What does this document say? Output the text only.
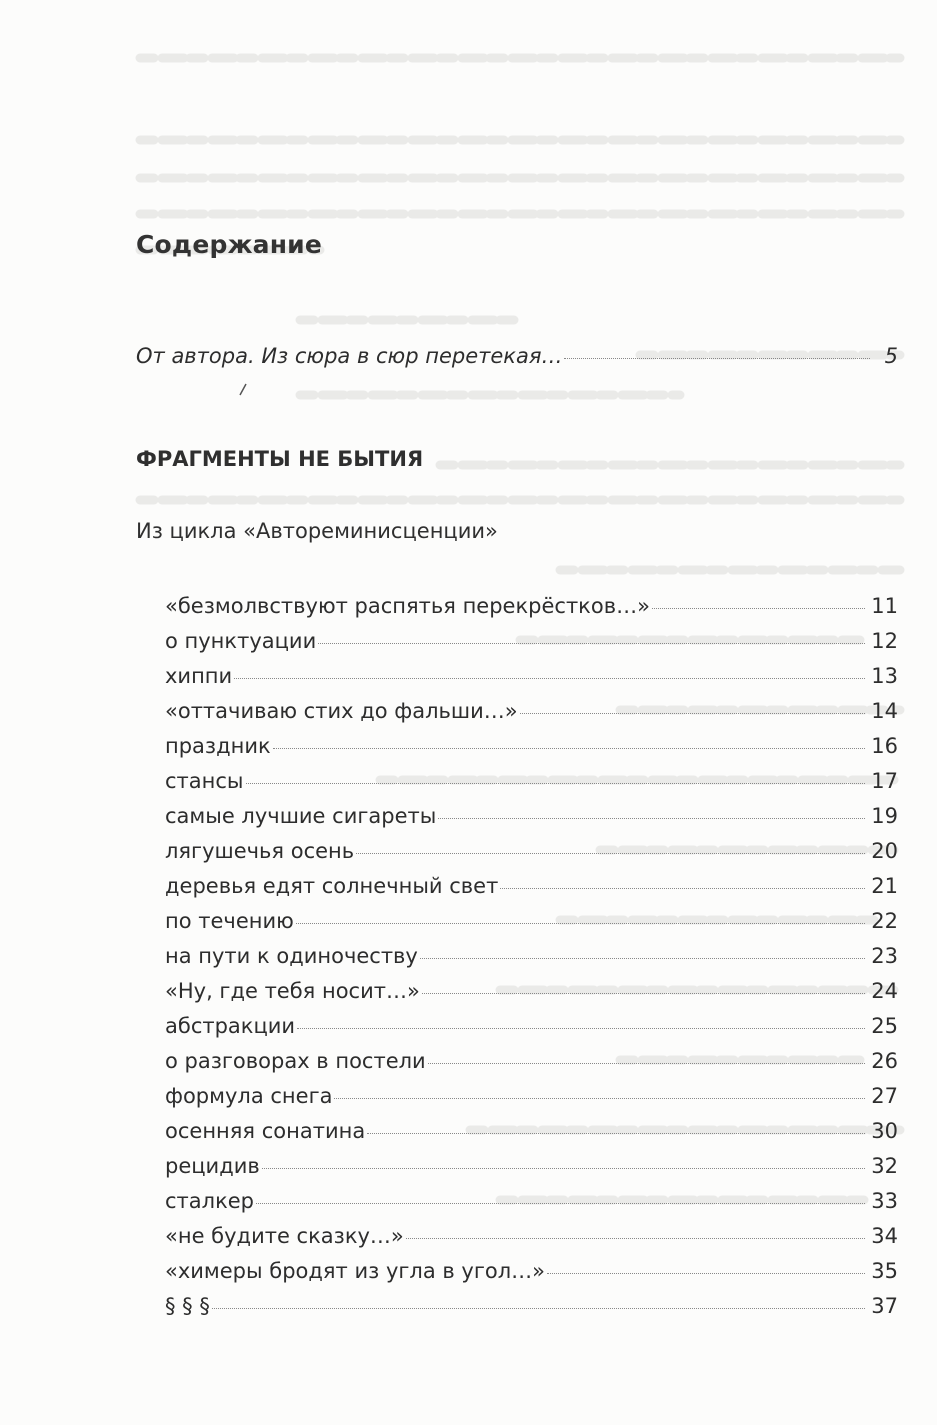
Содержание
От автора. Из сюра в сюр перетекая…	5
ФРАГМЕНТЫ НЕ БЫТИЯ
Из цикла «Автореминисценции»
«безмолвствуют распятья перекрёстков…»	11
о пунктуации	12
хиппи	13
«оттачиваю стих до фальши…»	14
праздник	16
стансы	17
самые лучшие сигареты	19
лягушечья осень	20
деревья едят солнечный свет	21
по течению	22
на пути к одиночеству	23
«Ну, где тебя носит…»	24
абстракции	25
о разговорах в постели	26
формула снега	27
осенняя сонатина	30
рецидив	32
сталкер	33
«не будите сказку…»	34
«химеры бродят из угла в угол…»	35
§ § §	37
